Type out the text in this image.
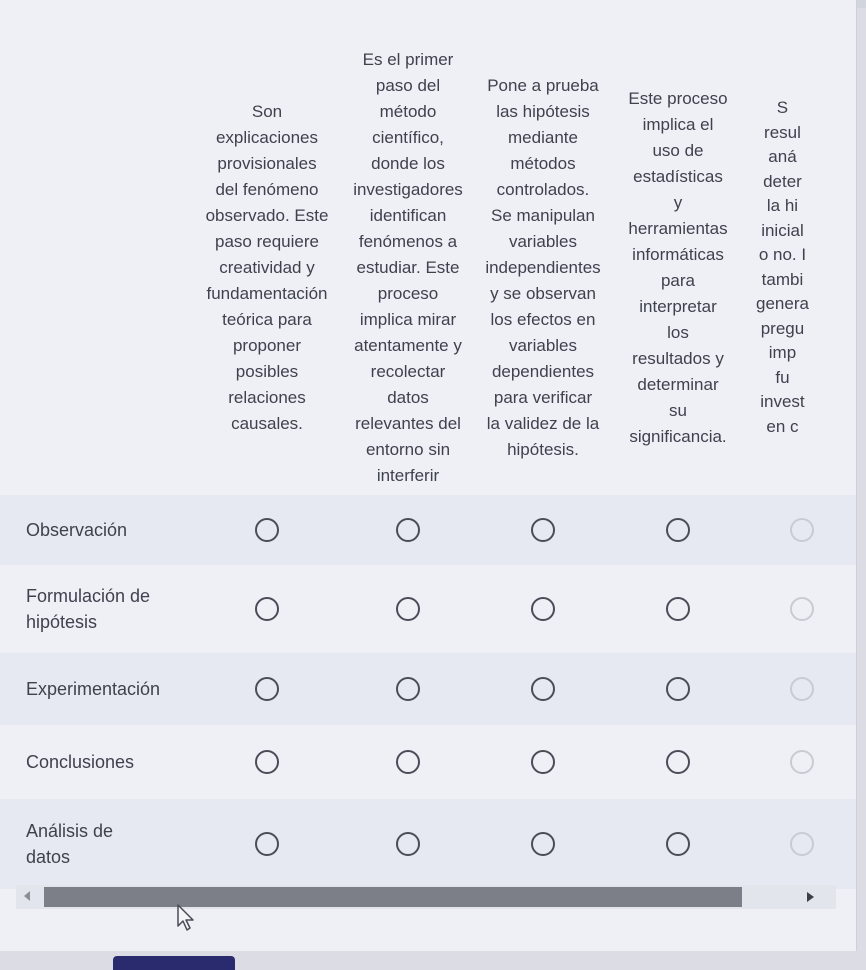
Son
explicaciones
provisionales
del fenómeno
observado. Este
paso requiere
creatividad y
fundamentación
teórica para
proponer
posibles
relaciones
causales.
Es el primer
paso del
método
científico,
donde los
investigadores
identifican
fenómenos a
estudiar. Este
proceso
implica mirar
atentamente y
recolectar
datos
relevantes del
entorno sin
interferir
Pone a prueba
las hipótesis
mediante
métodos
controlados.
Se manipulan
variables
independientes
y se observan
los efectos en
variables
dependientes
para verificar
la validez de la
hipótesis.
Este proceso
implica el
uso de
estadísticas
y
herramientas
informáticas
para
interpretar
los
resultados y
determinar
su
significancia.
S
resul
aná
deter
la hi
inicial
o no. I
tambi
genera
pregu
imp
fu
invest
en c
Observación
Formulación de
hipótesis
Experimentación
Conclusiones
Análisis de
datos
